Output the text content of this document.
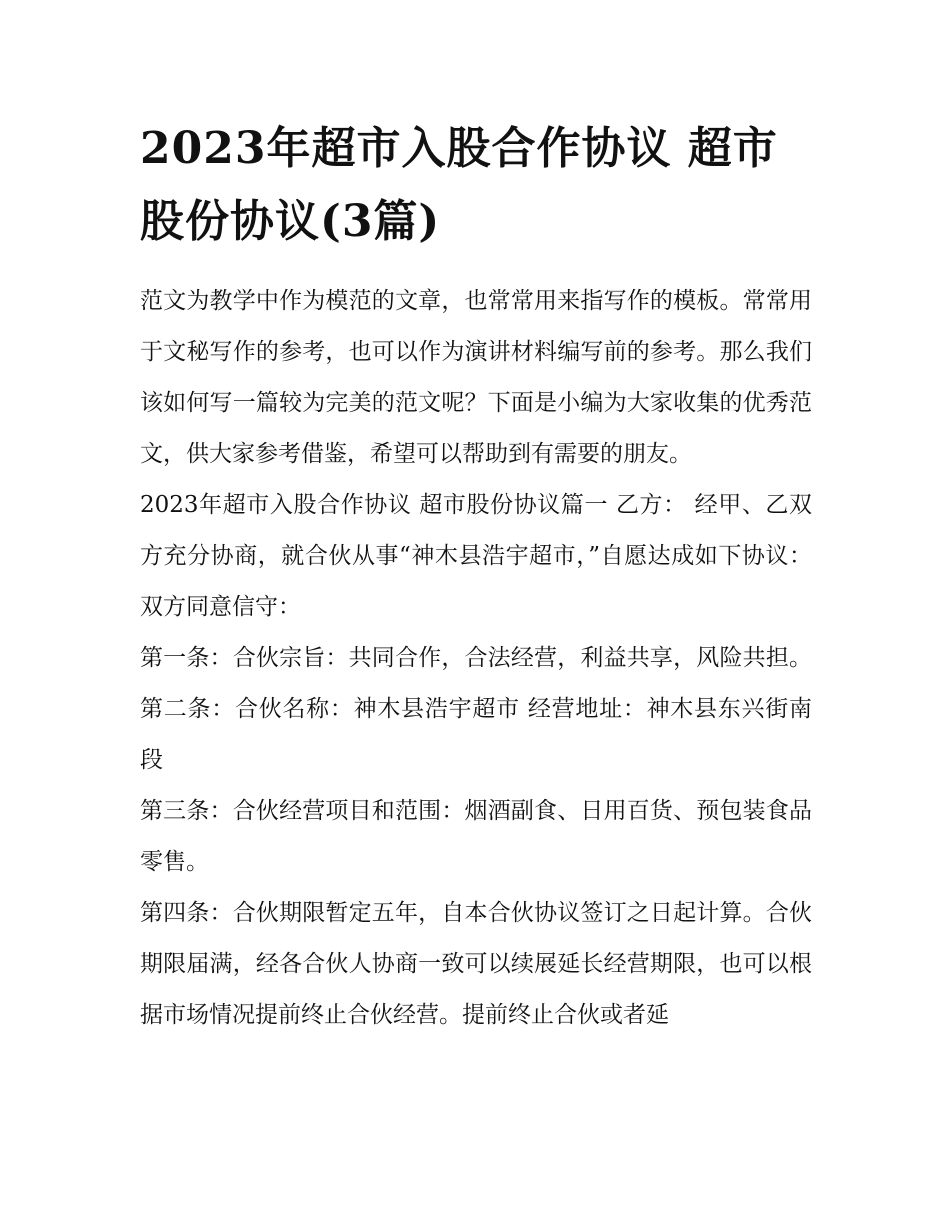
2023年超市入股合作协议 超市股份协议(3篇)

范文为教学中作为模范的文章，也常常用来指写作的模板。常常用于文秘写作的参考，也可以作为演讲材料编写前的参考。那么我们该如何写一篇较为完美的范文呢？下面是小编为大家收集的优秀范文，供大家参考借鉴，希望可以帮助到有需要的朋友。

2023年超市入股合作协议 超市股份协议篇一 乙方： 经甲、乙双方充分协商，就合伙从事“神木县浩宇超市，”自愿达成如下协议： 双方同意信守：

第一条：合伙宗旨：共同合作，合法经营，利益共享，风险共担。 第二条：合伙名称：神木县浩宇超市 经营地址：神木县东兴街南段

第三条：合伙经营项目和范围：烟酒副食、日用百货、预包装食品零售。

第四条：合伙期限暂定五年，自本合伙协议签订之日起计算。合伙期限届满，经各合伙人协商一致可以续展延长经营期限，也可以根据市场情况提前终止合伙经营。提前终止合伙或者延
